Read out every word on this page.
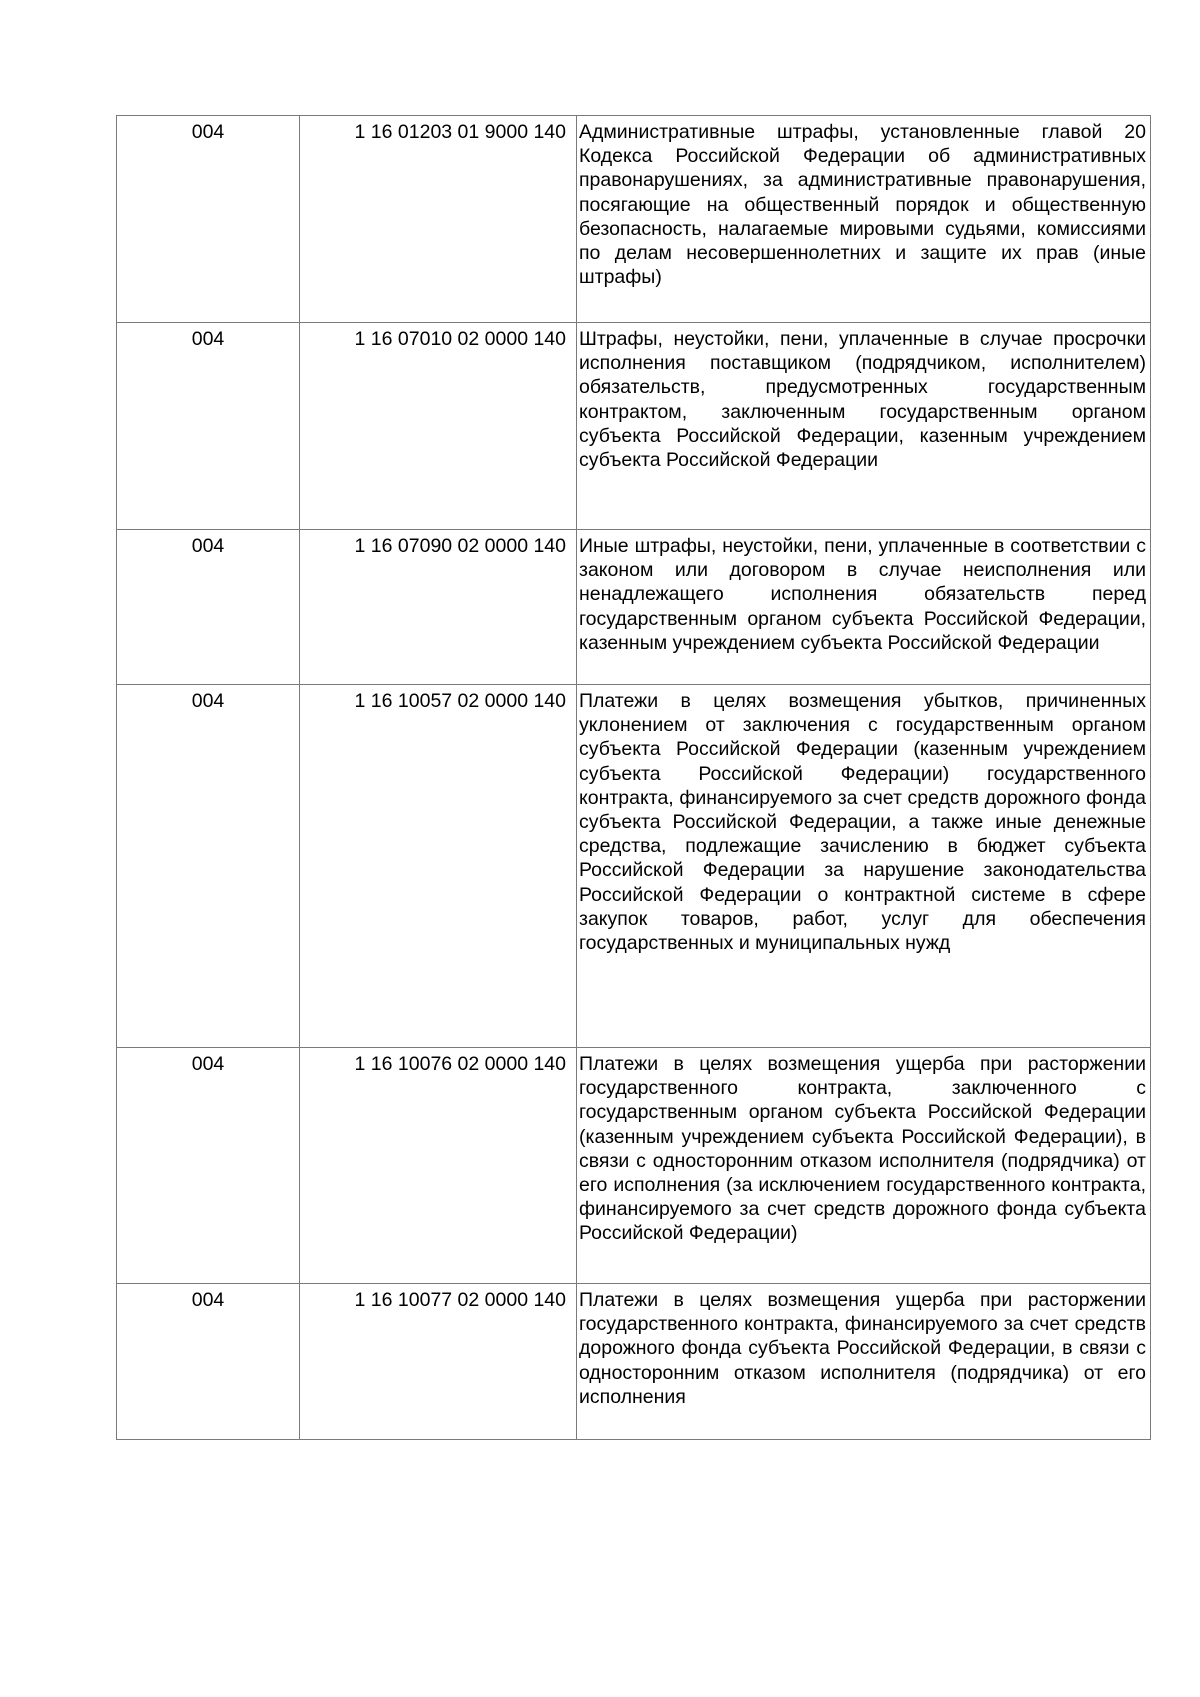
004	1 16 01203 01 9000 140	Административные штрафы, установленные главой 20 Кодекса Российской Федерации об административных правонарушениях, за административные правонарушения, посягающие на общественный порядок и общественную безопасность, налагаемые мировыми судьями, комиссиями по делам несовершеннолетних и защите их прав (иные штрафы)
004	1 16 07010 02 0000 140	Штрафы, неустойки, пени, уплаченные в случае просрочки исполнения поставщиком (подрядчиком, исполнителем) обязательств, предусмотренных государственным контрактом, заключенным государственным органом субъекта Российской Федерации, казенным учреждением субъекта Российской Федерации
004	1 16 07090 02 0000 140	Иные штрафы, неустойки, пени, уплаченные в соответствии с законом или договором в случае неисполнения или ненадлежащего исполнения обязательств перед государственным органом субъекта Российской Федерации, казенным учреждением субъекта Российской Федерации
004	1 16 10057 02 0000 140	Платежи в целях возмещения убытков, причиненных уклонением от заключения с государственным органом субъекта Российской Федерации (казенным учреждением субъекта Российской Федерации) государственного контракта, финансируемого за счет средств дорожного фонда субъекта Российской Федерации, а также иные денежные средства, подлежащие зачислению в бюджет субъекта Российской Федерации за нарушение законодательства Российской Федерации о контрактной системе в сфере закупок товаров, работ, услуг для обеспечения государственных и муниципальных нужд
004	1 16 10076 02 0000 140	Платежи в целях возмещения ущерба при расторжении государственного контракта, заключенного с государственным органом субъекта Российской Федерации (казенным учреждением субъекта Российской Федерации), в связи с односторонним отказом исполнителя (подрядчика) от его исполнения (за исключением государственного контракта, финансируемого за счет средств дорожного фонда субъекта Российской Федерации)
004	1 16 10077 02 0000 140	Платежи в целях возмещения ущерба при расторжении государственного контракта, финансируемого за счет средств дорожного фонда субъекта Российской Федерации, в связи с односторонним отказом исполнителя (подрядчика) от его исполнения
